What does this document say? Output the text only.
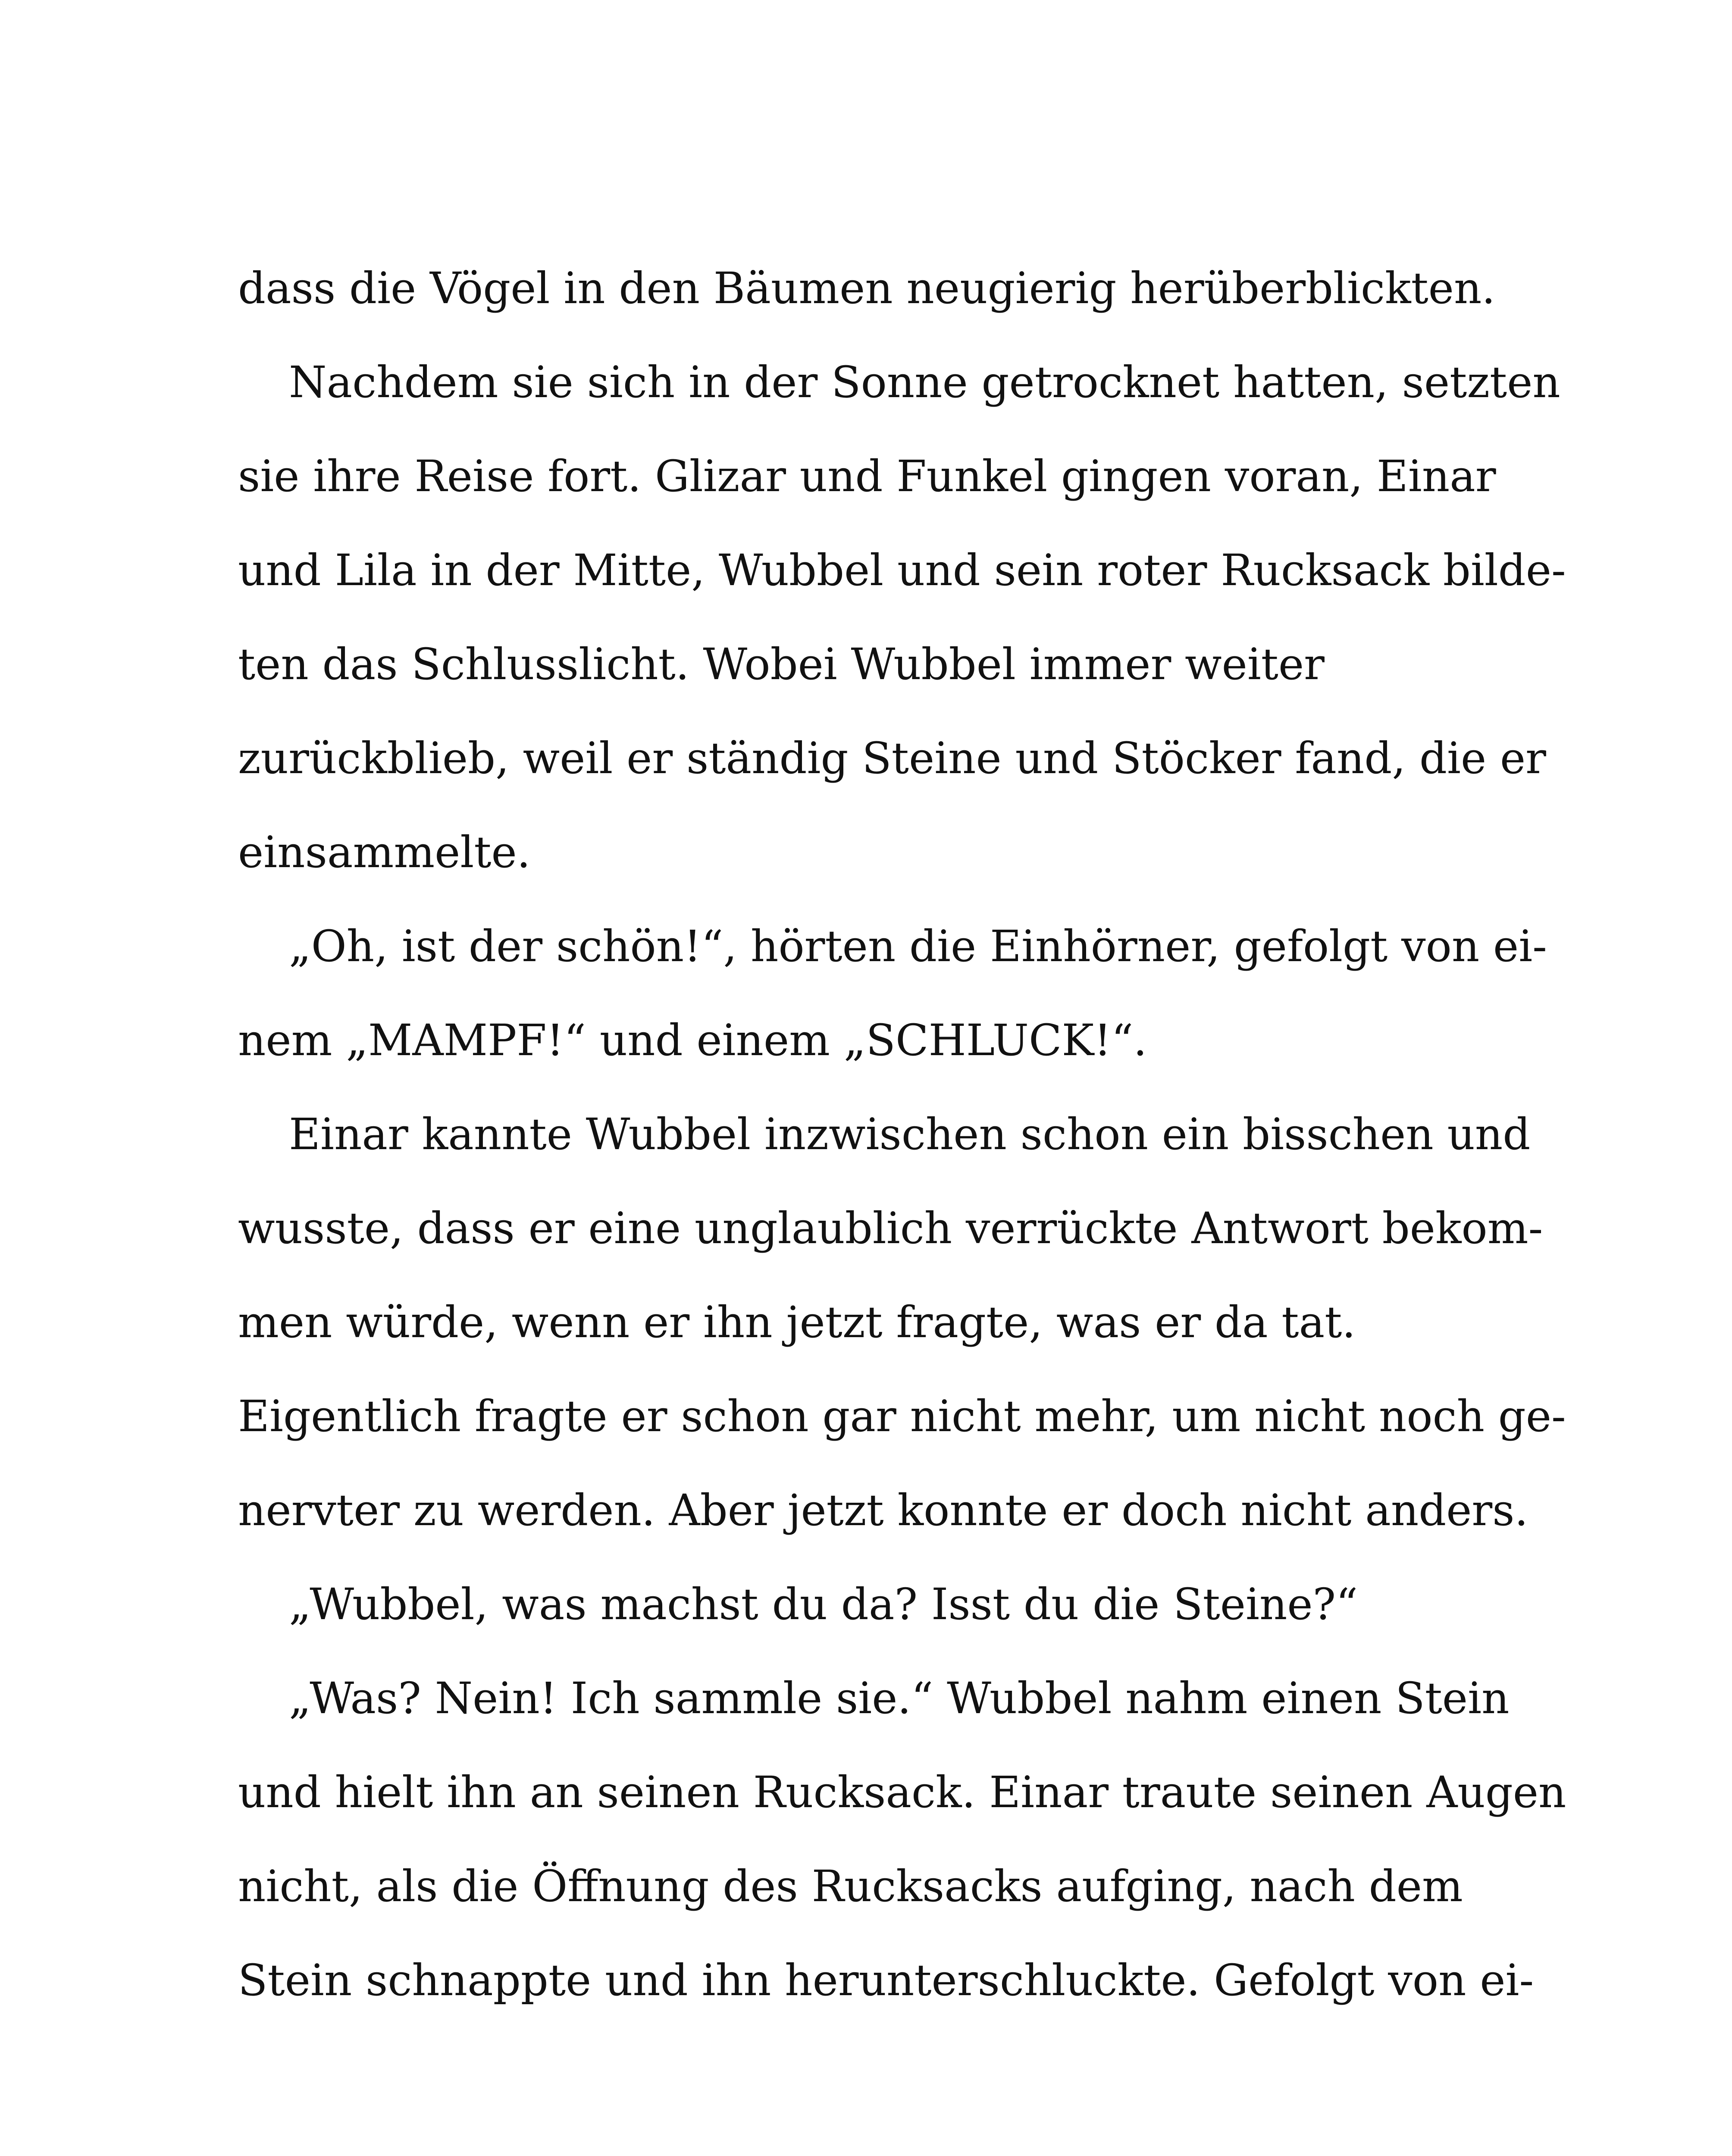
dass die Vögel in den Bäumen neugierig herüberblickten.
Nachdem sie sich in der Sonne getrocknet hatten, setzten
sie ihre Reise fort. Glizar und Funkel gingen voran, Einar
und Lila in der Mitte, Wubbel und sein roter Rucksack bilde-
ten das Schlusslicht. Wobei Wubbel immer weiter
zurückblieb, weil er ständig Steine und Stöcker fand, die er
einsammelte.
„Oh, ist der schön!“, hörten die Einhörner, gefolgt von ei-
nem „MAMPF!“ und einem „SCHLUCK!“.
Einar kannte Wubbel inzwischen schon ein bisschen und
wusste, dass er eine unglaublich verrückte Antwort bekom-
men würde, wenn er ihn jetzt fragte, was er da tat.
Eigentlich fragte er schon gar nicht mehr, um nicht noch ge-
nervter zu werden. Aber jetzt konnte er doch nicht anders.
„Wubbel, was machst du da? Isst du die Steine?“
„Was? Nein! Ich sammle sie.“ Wubbel nahm einen Stein
und hielt ihn an seinen Rucksack. Einar traute seinen Augen
nicht, als die Öffnung des Rucksacks aufging, nach dem
Stein schnappte und ihn herunterschluckte. Gefolgt von ei-
